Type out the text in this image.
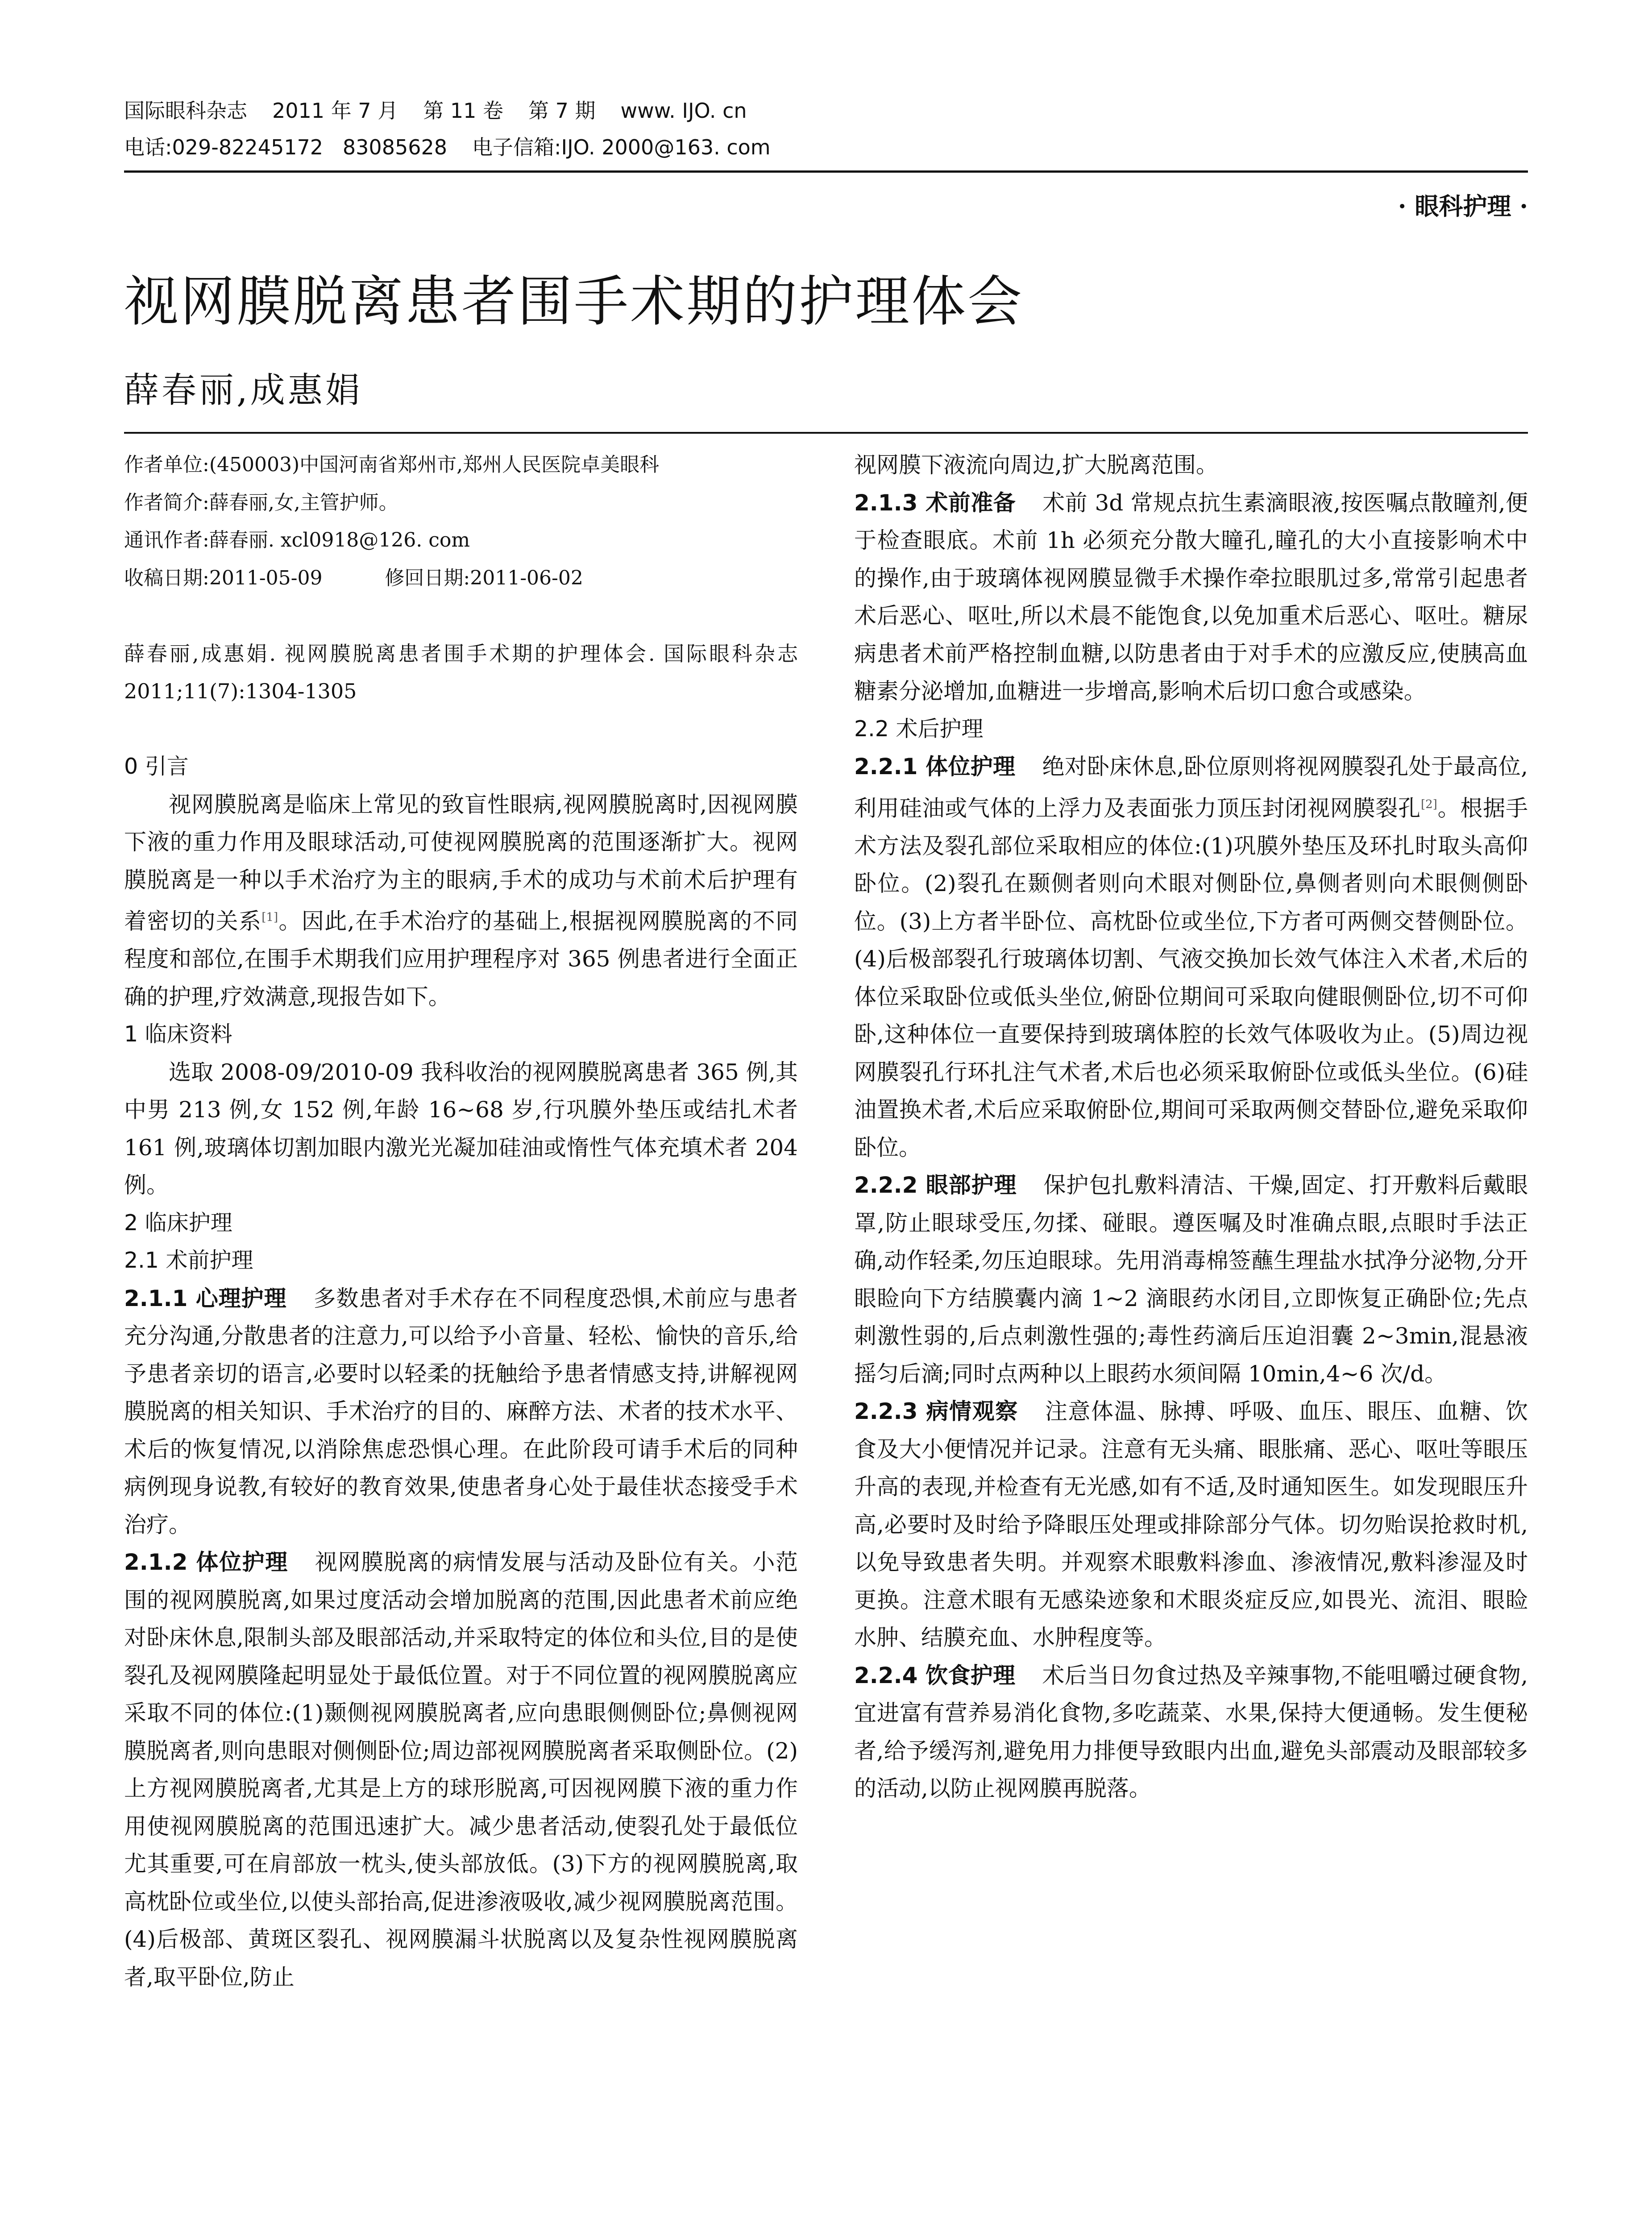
国际眼科杂志 2011 年 7 月 第 11 卷 第 7 期 www. IJO. cn
电话:029-82245172   83085628 电子信箱:IJO. 2000@163. com
· 眼科护理 ·
视网膜脱离患者围手术期的护理体会
薛春丽,成惠娟

作者单位:(450003)中国河南省郑州市,郑州人民医院卓美眼科

作者简介:薛春丽,女,主管护师。

通讯作者:薛春丽. xcl0918@126. com

收稿日期:2011-05-09	修回日期:2011-06-02

薛春丽,成惠娟. 视网膜脱离患者围手术期的护理体会. 国际眼科杂志 2011;11(7):1304-1305

0 引言

视网膜脱离是临床上常见的致盲性眼病,视网膜脱离时,因视网膜下液的重力作用及眼球活动,可使视网膜脱离的范围逐渐扩大。视网膜脱离是一种以手术治疗为主的眼病,手术的成功与术前术后护理有着密切的关系[1]。因此,在手术治疗的基础上,根据视网膜脱离的不同程度和部位,在围手术期我们应用护理程序对 365 例患者进行全面正确的护理,疗效满意,现报告如下。

1 临床资料

选取 2008-09/2010-09 我科收治的视网膜脱离患者 365 例,其中男 213 例,女 152 例,年龄 16~68 岁,行巩膜外垫压或结扎术者 161 例,玻璃体切割加眼内激光光凝加硅油或惰性气体充填术者 204 例。

2 临床护理

2.1 术前护理

2.1.1 心理护理 多数患者对手术存在不同程度恐惧,术前应与患者充分沟通,分散患者的注意力,可以给予小音量、轻松、愉快的音乐,给予患者亲切的语言,必要时以轻柔的抚触给予患者情感支持,讲解视网膜脱离的相关知识、手术治疗的目的、麻醉方法、术者的技术水平、术后的恢复情况,以消除焦虑恐惧心理。在此阶段可请手术后的同种病例现身说教,有较好的教育效果,使患者身心处于最佳状态接受手术治疗。

2.1.2 体位护理 视网膜脱离的病情发展与活动及卧位有关。小范围的视网膜脱离,如果过度活动会增加脱离的范围,因此患者术前应绝对卧床休息,限制头部及眼部活动,并采取特定的体位和头位,目的是使裂孔及视网膜隆起明显处于最低位置。对于不同位置的视网膜脱离应采取不同的体位:(1)颞侧视网膜脱离者,应向患眼侧侧卧位;鼻侧视网膜脱离者,则向患眼对侧侧卧位;周边部视网膜脱离者采取侧卧位。(2)上方视网膜脱离者,尤其是上方的球形脱离,可因视网膜下液的重力作用使视网膜脱离的范围迅速扩大。减少患者活动,使裂孔处于最低位尤其重要,可在肩部放一枕头,使头部放低。(3)下方的视网膜脱离,取高枕卧位或坐位,以使头部抬高,促进渗液吸收,减少视网膜脱离范围。(4)后极部、黄斑区裂孔、视网膜漏斗状脱离以及复杂性视网膜脱离者,取平卧位,防止

视网膜下液流向周边,扩大脱离范围。

2.1.3 术前准备 术前 3d 常规点抗生素滴眼液,按医嘱点散瞳剂,便于检查眼底。术前 1h 必须充分散大瞳孔,瞳孔的大小直接影响术中的操作,由于玻璃体视网膜显微手术操作牵拉眼肌过多,常常引起患者术后恶心、呕吐,所以术晨不能饱食,以免加重术后恶心、呕吐。糖尿病患者术前严格控制血糖,以防患者由于对手术的应激反应,使胰高血糖素分泌增加,血糖进一步增高,影响术后切口愈合或感染。

2.2 术后护理

2.2.1 体位护理 绝对卧床休息,卧位原则将视网膜裂孔处于最高位,利用硅油或气体的上浮力及表面张力顶压封闭视网膜裂孔[2]。根据手术方法及裂孔部位采取相应的体位:(1)巩膜外垫压及环扎时取头高仰卧位。(2)裂孔在颞侧者则向术眼对侧卧位,鼻侧者则向术眼侧侧卧位。(3)上方者半卧位、高枕卧位或坐位,下方者可两侧交替侧卧位。(4)后极部裂孔行玻璃体切割、气液交换加长效气体注入术者,术后的体位采取卧位或低头坐位,俯卧位期间可采取向健眼侧卧位,切不可仰卧,这种体位一直要保持到玻璃体腔的长效气体吸收为止。(5)周边视网膜裂孔行环扎注气术者,术后也必须采取俯卧位或低头坐位。(6)硅油置换术者,术后应采取俯卧位,期间可采取两侧交替卧位,避免采取仰卧位。

2.2.2 眼部护理 保护包扎敷料清洁、干燥,固定、打开敷料后戴眼罩,防止眼球受压,勿揉、碰眼。遵医嘱及时准确点眼,点眼时手法正确,动作轻柔,勿压迫眼球。先用消毒棉签蘸生理盐水拭净分泌物,分开眼睑向下方结膜囊内滴 1~2 滴眼药水闭目,立即恢复正确卧位;先点刺激性弱的,后点刺激性强的;毒性药滴后压迫泪囊 2~3min,混悬液摇匀后滴;同时点两种以上眼药水须间隔 10min,4~6 次/d。

2.2.3 病情观察 注意体温、脉搏、呼吸、血压、眼压、血糖、饮食及大小便情况并记录。注意有无头痛、眼胀痛、恶心、呕吐等眼压升高的表现,并检查有无光感,如有不适,及时通知医生。如发现眼压升高,必要时及时给予降眼压处理或排除部分气体。切勿贻误抢救时机,以免导致患者失明。并观察术眼敷料渗血、渗液情况,敷料渗湿及时更换。注意术眼有无感染迹象和术眼炎症反应,如畏光、流泪、眼睑水肿、结膜充血、水肿程度等。

2.2.4 饮食护理 术后当日勿食过热及辛辣事物,不能咀嚼过硬食物,宜进富有营养易消化食物,多吃蔬菜、水果,保持大便通畅。发生便秘者,给予缓泻剂,避免用力排便导致眼内出血,避免头部震动及眼部较多的活动,以防止视网膜再脱落。
